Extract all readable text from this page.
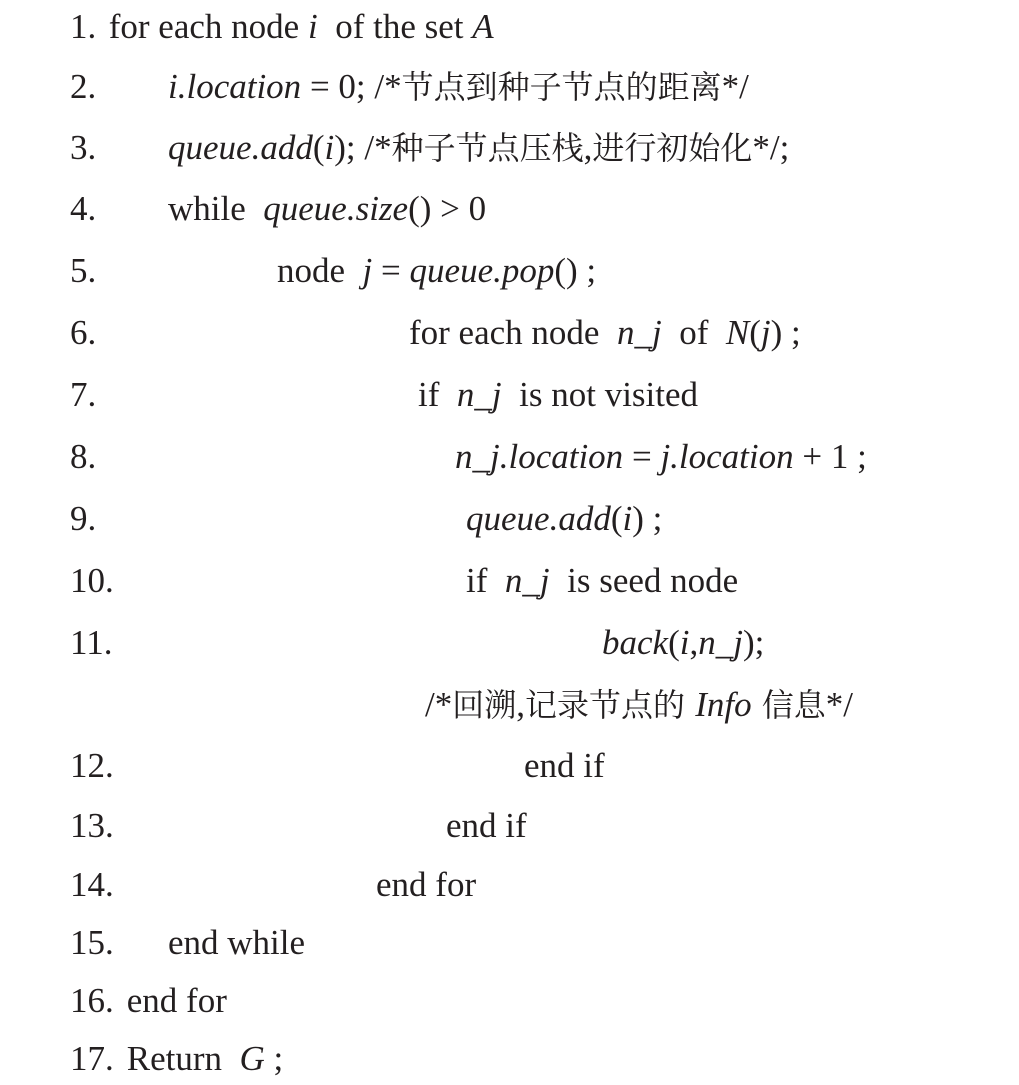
1. for each node i  of the set A
2. i.location = 0; /*节点到种子节点的距离*/
3. queue.add(i); /*种子节点压栈,进行初始化*/;
4. while  queue.size() > 0
5.	node  j = queue.pop() ;
6.	for each node  n_j  of  N(j) ;
7.	if  n_j  is not visited
8.	n_j.location = j.location + 1 ;
9.	queue.add(i) ;
10.	if  n_j  is seed node
11.	back(i,n_j);
/*回溯,记录节点的 Info 信息*/
12.	end if
13.	end if
14.	end for
15. end while
16. end for
17. Return  G ;
